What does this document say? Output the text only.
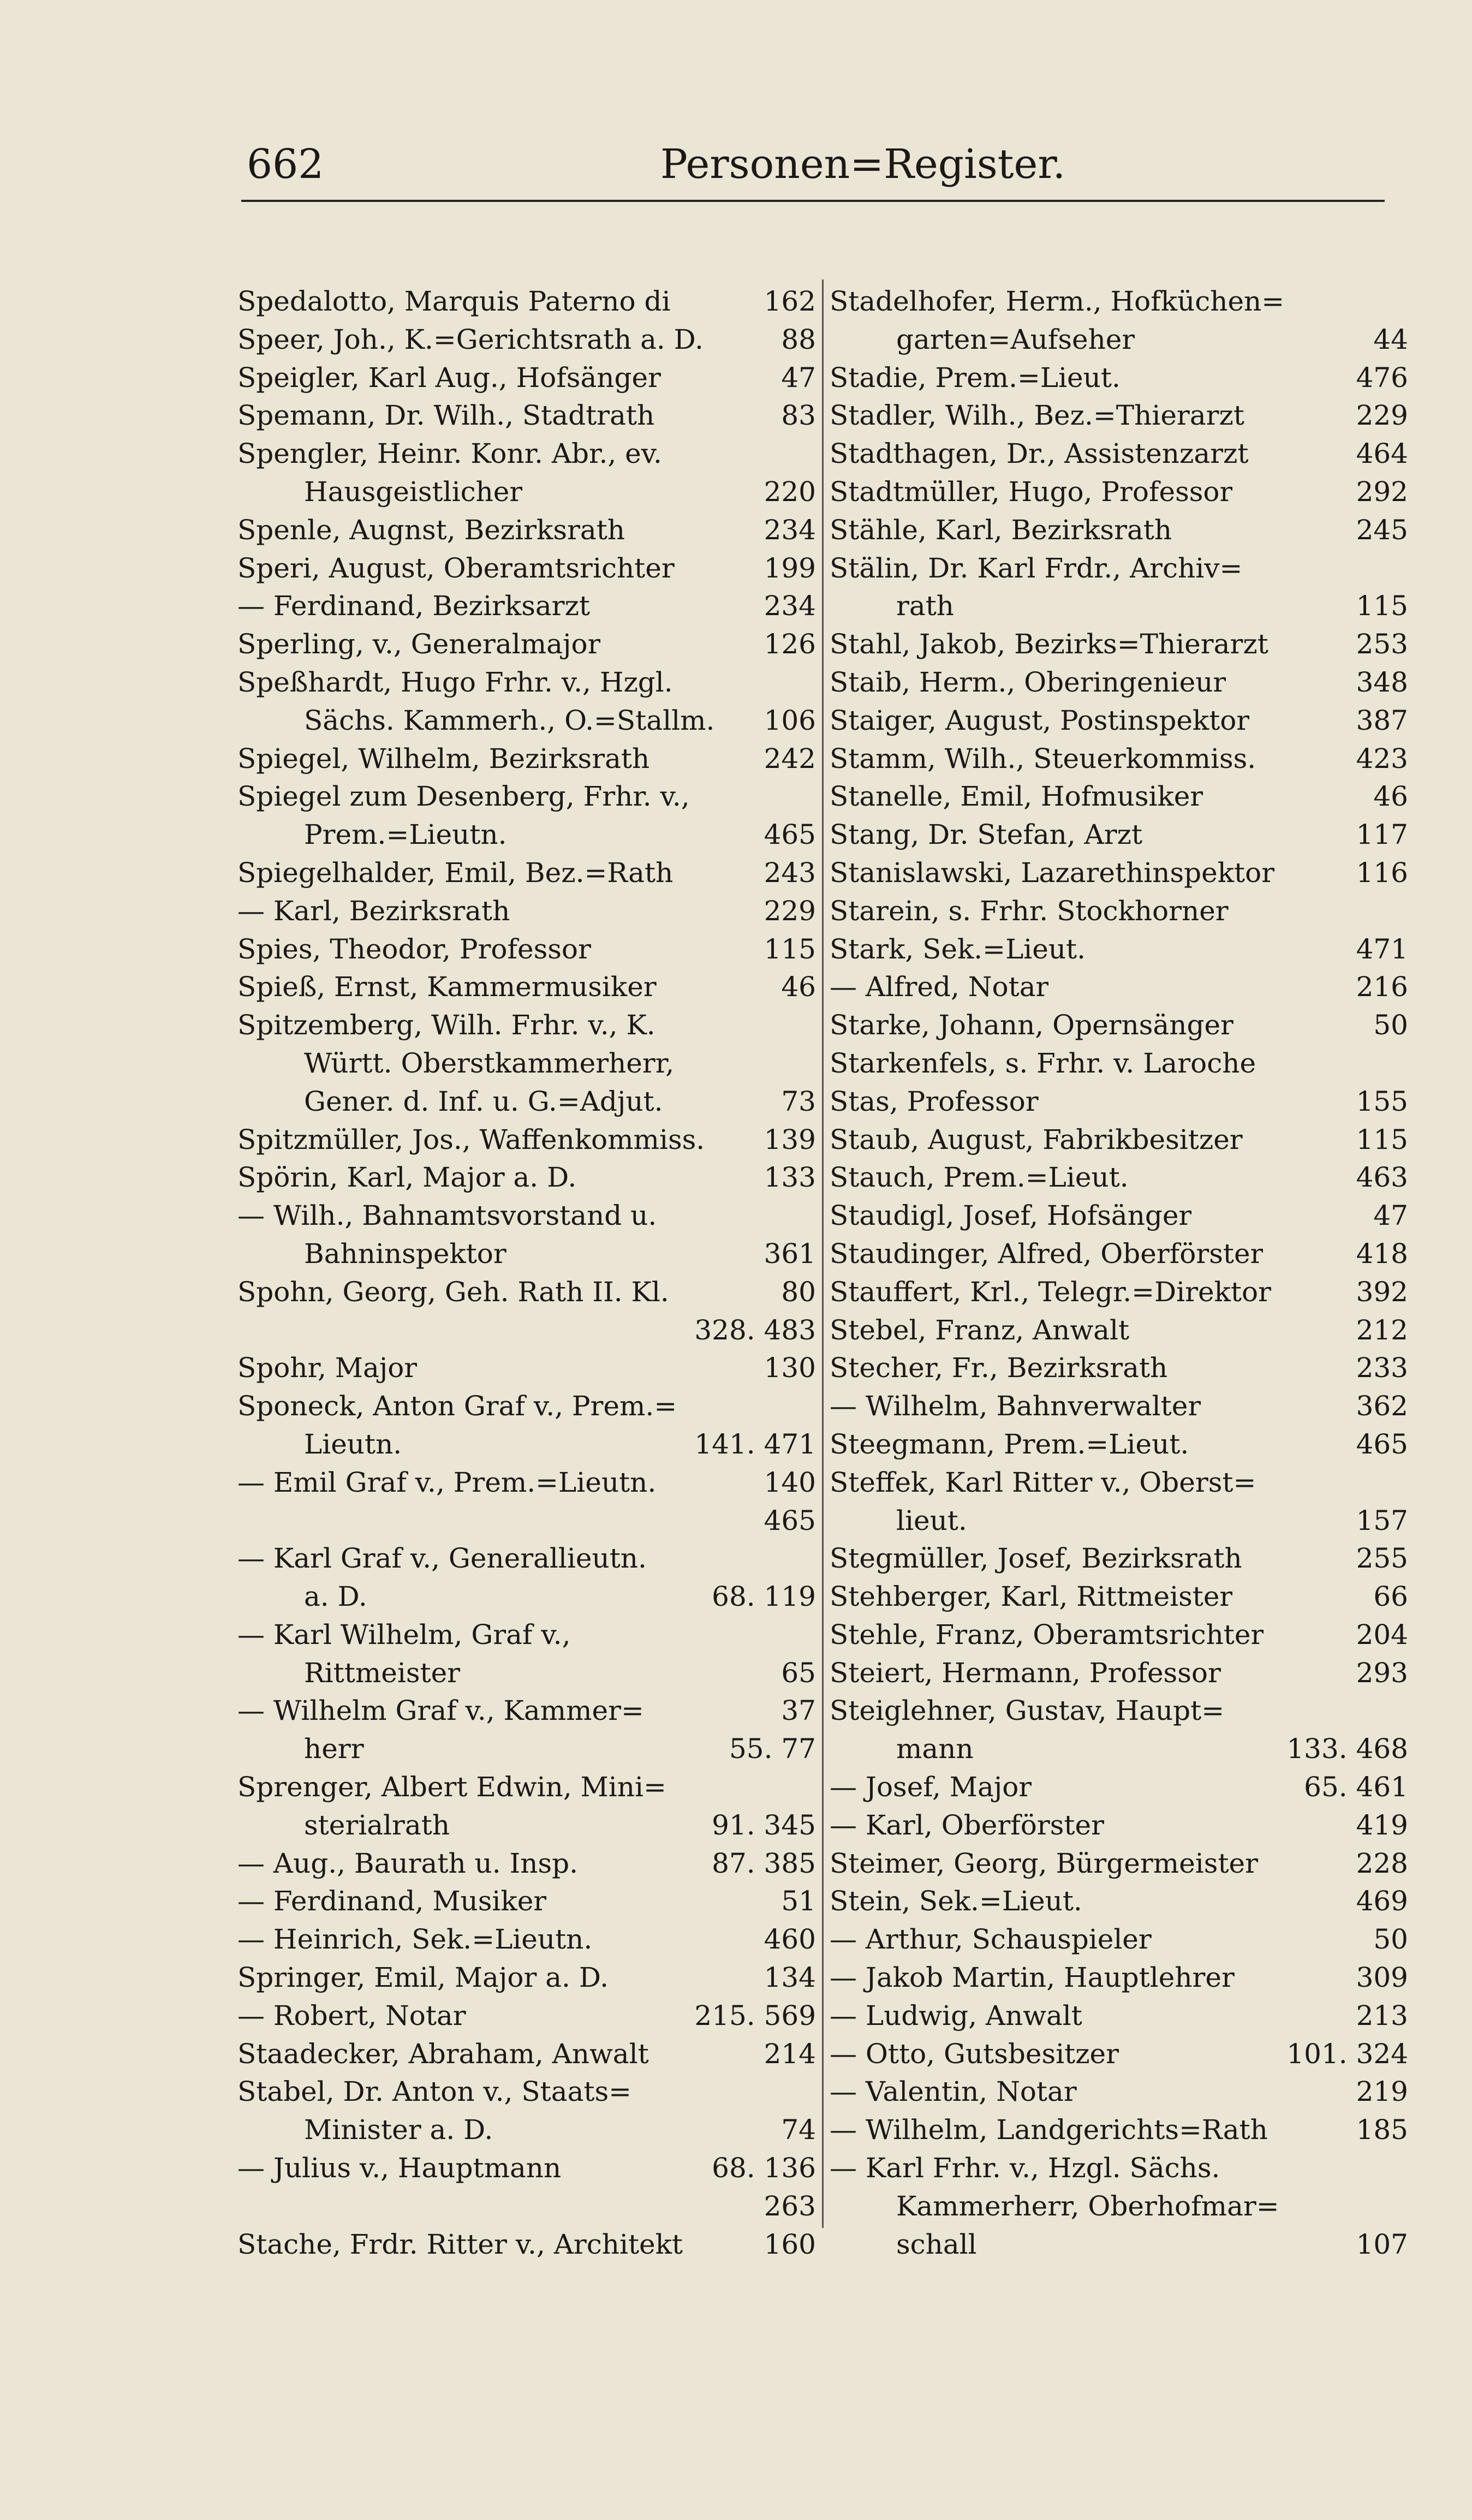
662	Personen=Register.
Spedalotto, Marquis Paterno di	162
Speer, Joh., K.=Gerichtsrath a. D.	88
Speigler, Karl Aug., Hofsänger	47
Spemann, Dr. Wilh., Stadtrath	83
Spengler, Heinr. Konr. Abr., ev.
Hausgeistlicher	220
Spenle, Augnst, Bezirksrath	234
Speri, August, Oberamtsrichter	199
— Ferdinand, Bezirksarzt	234
Sperling, v., Generalmajor	126
Speßhardt, Hugo Frhr. v., Hzgl.
Sächs. Kammerh., O.=Stallm. 106
Spiegel, Wilhelm, Bezirksrath	242
Spiegel zum Desenberg, Frhr. v.,
Prem.=Lieutn.	465
Spiegelhalder, Emil, Bez.=Rath	243
— Karl, Bezirksrath	229
Spies, Theodor, Professor	115
Spieß, Ernst, Kammermusiker	46
Spitzemberg, Wilh. Frhr. v., K.
Württ. Oberstkammerherr,
Gener. d. Inf. u. G.=Adjut.	73
Spitzmüller, Jos., Waffenkommiss. 139
Spörin, Karl, Major a. D.	133
— Wilh., Bahnamtsvorstand u.
Bahninspektor	361
Spohn, Georg, Geh. Rath II. Kl.	80
328. 483
Spohr, Major	130
Sponeck, Anton Graf v., Prem.=
Lieutn.	141. 471
— Emil Graf v., Prem.=Lieutn.	140
465
— Karl Graf v., Generallieutn.
a. D.	68. 119
— Karl Wilhelm, Graf v.,
Rittmeister	65
— Wilhelm Graf v., Kammer=	37
herr	55. 77
Sprenger, Albert Edwin, Mini=
sterialrath	91. 345
— Aug., Baurath u. Insp.	87. 385
— Ferdinand, Musiker	51
— Heinrich, Sek.=Lieutn.	460
Springer, Emil, Major a. D.	134
— Robert, Notar	215. 569
Staadecker, Abraham, Anwalt	214
Stabel, Dr. Anton v., Staats=
Minister a. D.	74
— Julius v., Hauptmann	68. 136
263
Stache, Frdr. Ritter v., Architekt	160
Stadelhofer, Herm., Hofküchen=
garten=Aufseher	44
Stadie, Prem.=Lieut.	476
Stadler, Wilh., Bez.=Thierarzt	229
Stadthagen, Dr., Assistenzarzt	464
Stadtmüller, Hugo, Professor	292
Stähle, Karl, Bezirksrath	245
Stälin, Dr. Karl Frdr., Archiv=
rath	115
Stahl, Jakob, Bezirks=Thierarzt	253
Staib, Herm., Oberingenieur	348
Staiger, August, Postinspektor	387
Stamm, Wilh., Steuerkommiss.	423
Stanelle, Emil, Hofmusiker	46
Stang, Dr. Stefan, Arzt	117
Stanislawski, Lazarethinspektor	116
Starein, s. Frhr. Stockhorner
Stark, Sek.=Lieut.	471
— Alfred, Notar	216
Starke, Johann, Opernsänger	50
Starkenfels, s. Frhr. v. Laroche
Stas, Professor	155
Staub, August, Fabrikbesitzer	115
Stauch, Prem.=Lieut.	463
Staudigl, Josef, Hofsänger	47
Staudinger, Alfred, Oberförster	418
Stauffert, Krl., Telegr.=Direktor	392
Stebel, Franz, Anwalt	212
Stecher, Fr., Bezirksrath	233
— Wilhelm, Bahnverwalter	362
Steegmann, Prem.=Lieut.	465
Steffek, Karl Ritter v., Oberst=
lieut.	157
Stegmüller, Josef, Bezirksrath	255
Stehberger, Karl, Rittmeister	66
Stehle, Franz, Oberamtsrichter	204
Steiert, Hermann, Professor	293
Steiglehner, Gustav, Haupt=
mann	133. 468
— Josef, Major	65. 461
— Karl, Oberförster	419
Steimer, Georg, Bürgermeister	228
Stein, Sek.=Lieut.	469
— Arthur, Schauspieler	50
— Jakob Martin, Hauptlehrer	309
— Ludwig, Anwalt	213
— Otto, Gutsbesitzer	101. 324
— Valentin, Notar	219
— Wilhelm, Landgerichts=Rath	185
— Karl Frhr. v., Hzgl. Sächs.
Kammerherr, Oberhofmar=
schall	107
